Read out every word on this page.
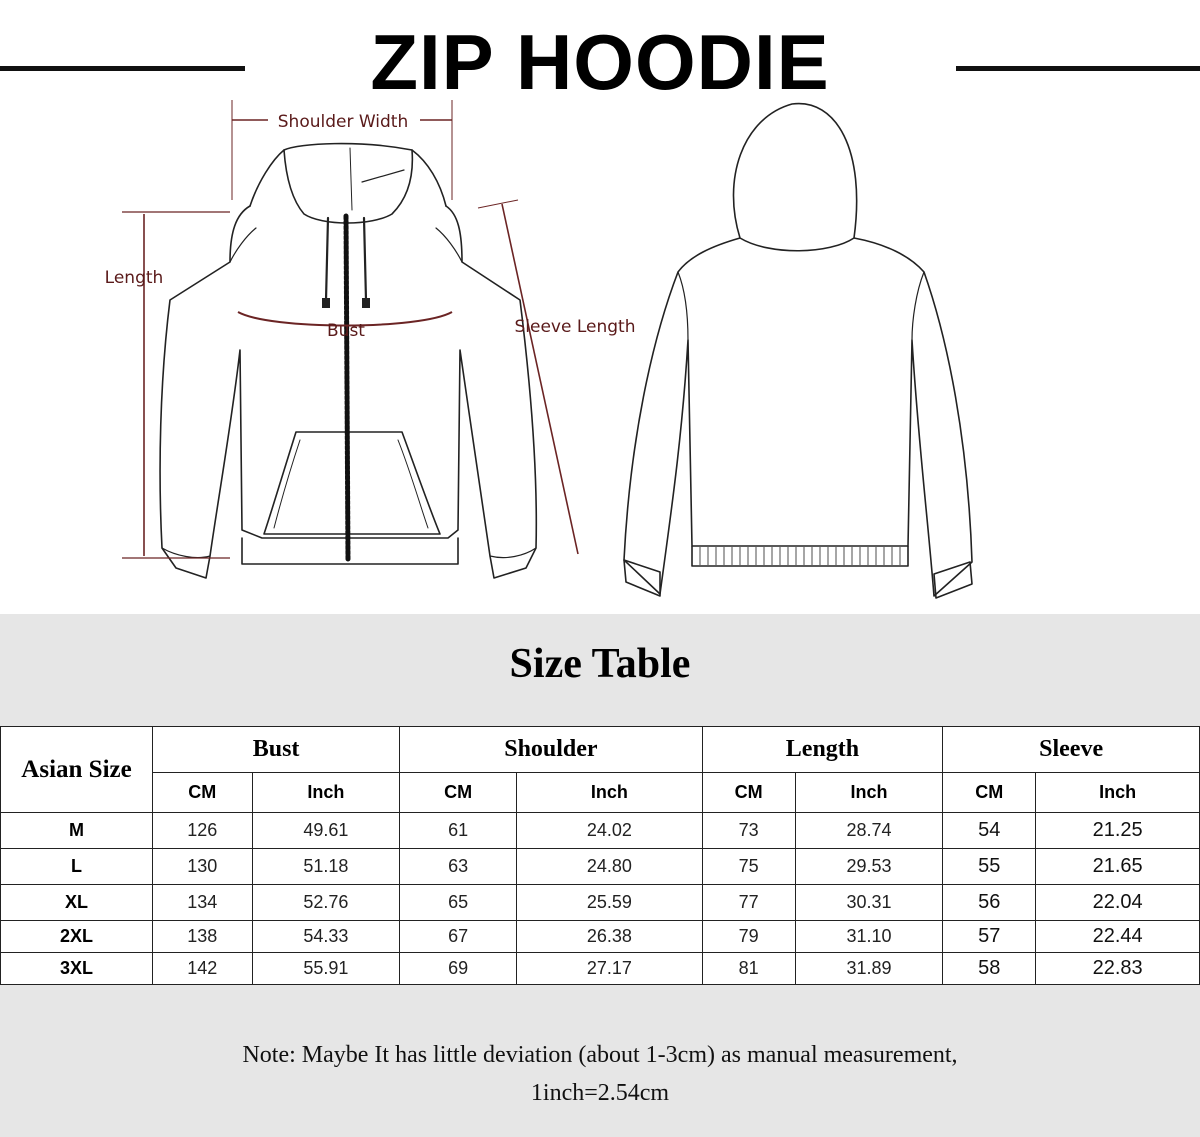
ZIP HOODIE
Shoulder Width
Length
Bust	Sleeve Length
Size Table
Asian Size	Bust		Shoulder		Length		Sleeve	
	CM	Inch	CM	Inch	CM	Inch	CM	Inch
M	126	49.61	61	24.02	73	28.74	54	21.25
L	130	51.18	63	24.80	75	29.53	55	21.65
XL	134	52.76	65	25.59	77	30.31	56	22.04
2XL	138	54.33	67	26.38	79	31.10	57	22.44
3XL	142	55.91	69	27.17	81	31.89	58	22.83
Note: Maybe It has little deviation (about 1-3cm) as manual measurement,
1inch=2.54cm
